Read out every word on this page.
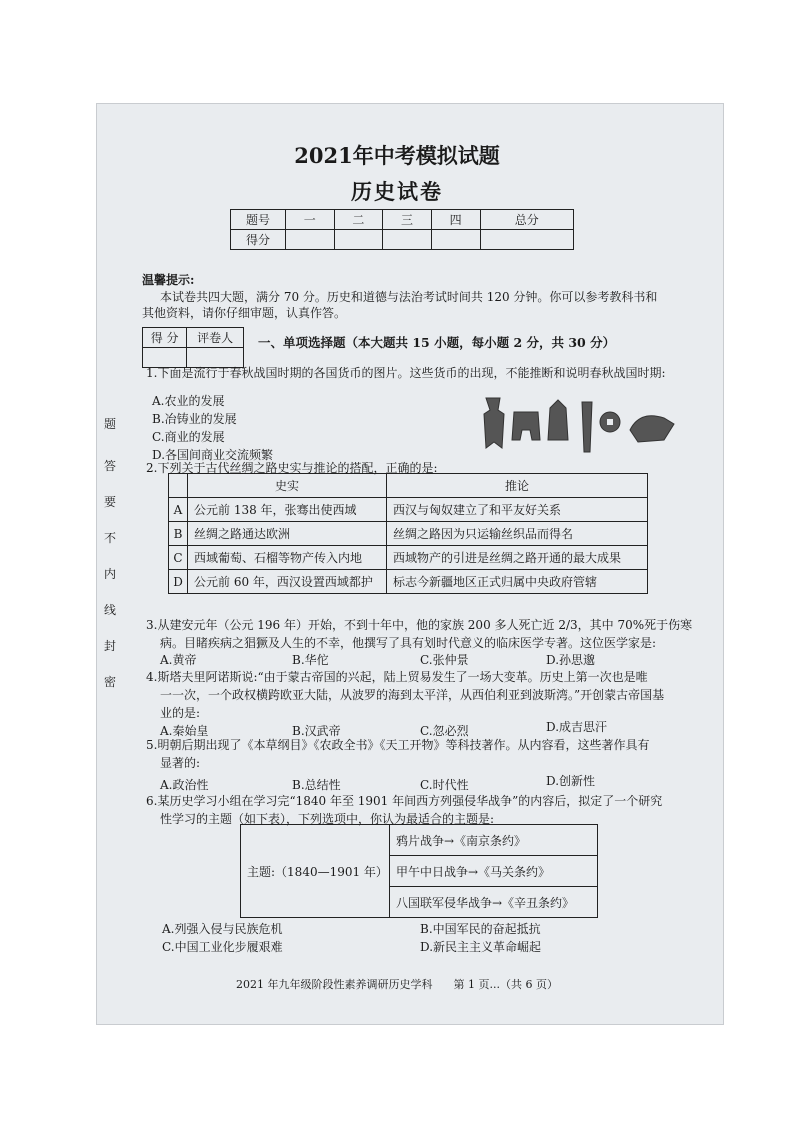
2021年中考模拟试题
历史试卷
题号	一	二	三	四	总分
得分					
温馨提示:
本试卷共四大题，满分 70 分。历史和道德与法治考试时间共 120 分钟。你可以参考教科书和
其他资料，请你仔细审题，认真作答。
得 分	评卷人
	一、单项选择题（本大题共 15 小题，每小题 2 分，共 30 分）
1.下面是流行于春秋战国时期的各国货币的图片。这些货币的出现，不能推断和说明春秋战国时期:
A.农业的发展
B.冶铸业的发展
C.商业的发展
D.各国间商业交流频繁
2.下列关于古代丝绸之路史实与推论的搭配，正确的是:
	史实	推论
A	公元前 138 年，张骞出使西域	西汉与匈奴建立了和平友好关系
B	丝绸之路通达欧洲	丝绸之路因为只运输丝织品而得名
C	西域葡萄、石榴等物产传入内地	西域物产的引进是丝绸之路开通的最大成果
D	公元前 60 年，西汉设置西域都护	标志今新疆地区正式归属中央政府管辖
3.从建安元年（公元 196 年）开始，不到十年中，他的家族 200 多人死亡近 2/3，其中 70%死于伤寒
病。目睹疾病之猖獗及人生的不幸，他撰写了具有划时代意义的临床医学专著。这位医学家是:
A.黄帝	B.华佗	C.张仲景	D.孙思邈
4.斯塔夫里阿诺斯说:“由于蒙古帝国的兴起，陆上贸易发生了一场大变革。历史上第一次也是唯
一一次，一个政权横跨欧亚大陆，从波罗的海到太平洋，从西伯利亚到波斯湾。”开创蒙古帝国基
业的是:
A.秦始皇	B.汉武帝	C.忽必烈	D.成吉思汗
5.明朝后期出现了《本草纲目》《农政全书》《天工开物》等科技著作。从内容看，这些著作具有
显著的:
A.政治性	B.总结性	C.时代性	D.创新性
6.某历史学习小组在学习完“1840 年至 1901 年间西方列强侵华战争”的内容后，拟定了一个研究
性学习的主题（如下表），下列选项中，你认为最适合的主题是:
主题:（1840—1901 年）	鸦片战争→《南京条约》
甲午中日战争→《马关条约》
八国联军侵华战争→《辛丑条约》
A.列强入侵与民族危机	B.中国军民的奋起抵抗
C.中国工业化步履艰难	D.新民主主义革命崛起
题
答
要
不
内
线
封
密
2021 年九年级阶段性素养调研历史学科      第 1 页...（共 6 页）
